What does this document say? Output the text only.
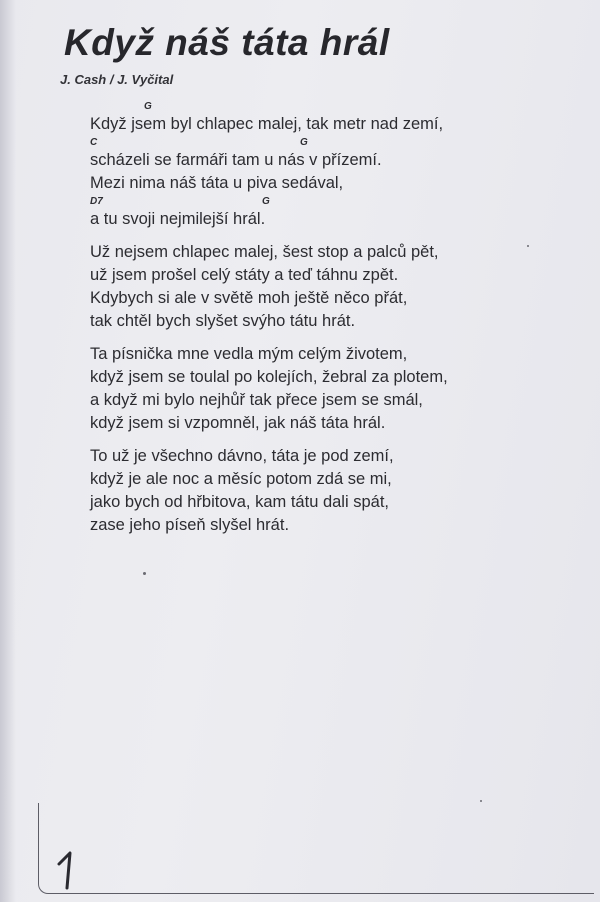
Když náš táta hrál
J. Cash / J. Vyčital
G
Když jsem byl chlapec malej, tak metr nad zemí,
C	G
scházeli se farmáři tam u nás v přízemí.
Mezi nima náš táta u piva sedával,
D7	G
a tu svoji nejmilejší hrál.
Už nejsem chlapec malej, šest stop a palců pět,
už jsem prošel celý státy a teď táhnu zpět.
Kdybych si ale v světě moh ještě něco přát,
tak chtěl bych slyšet svýho tátu hrát.
Ta písnička mne vedla mým celým životem,
když jsem se toulal po kolejích, žebral za plotem,
a když mi bylo nejhůř tak přece jsem se smál,
když jsem si vzpomněl, jak náš táta hrál.
To už je všechno dávno, táta je pod zemí,
když je ale noc a měsíc potom zdá se mi,
jako bych od hřbitova, kam tátu dali spát,
zase jeho píseň slyšel hrát.
